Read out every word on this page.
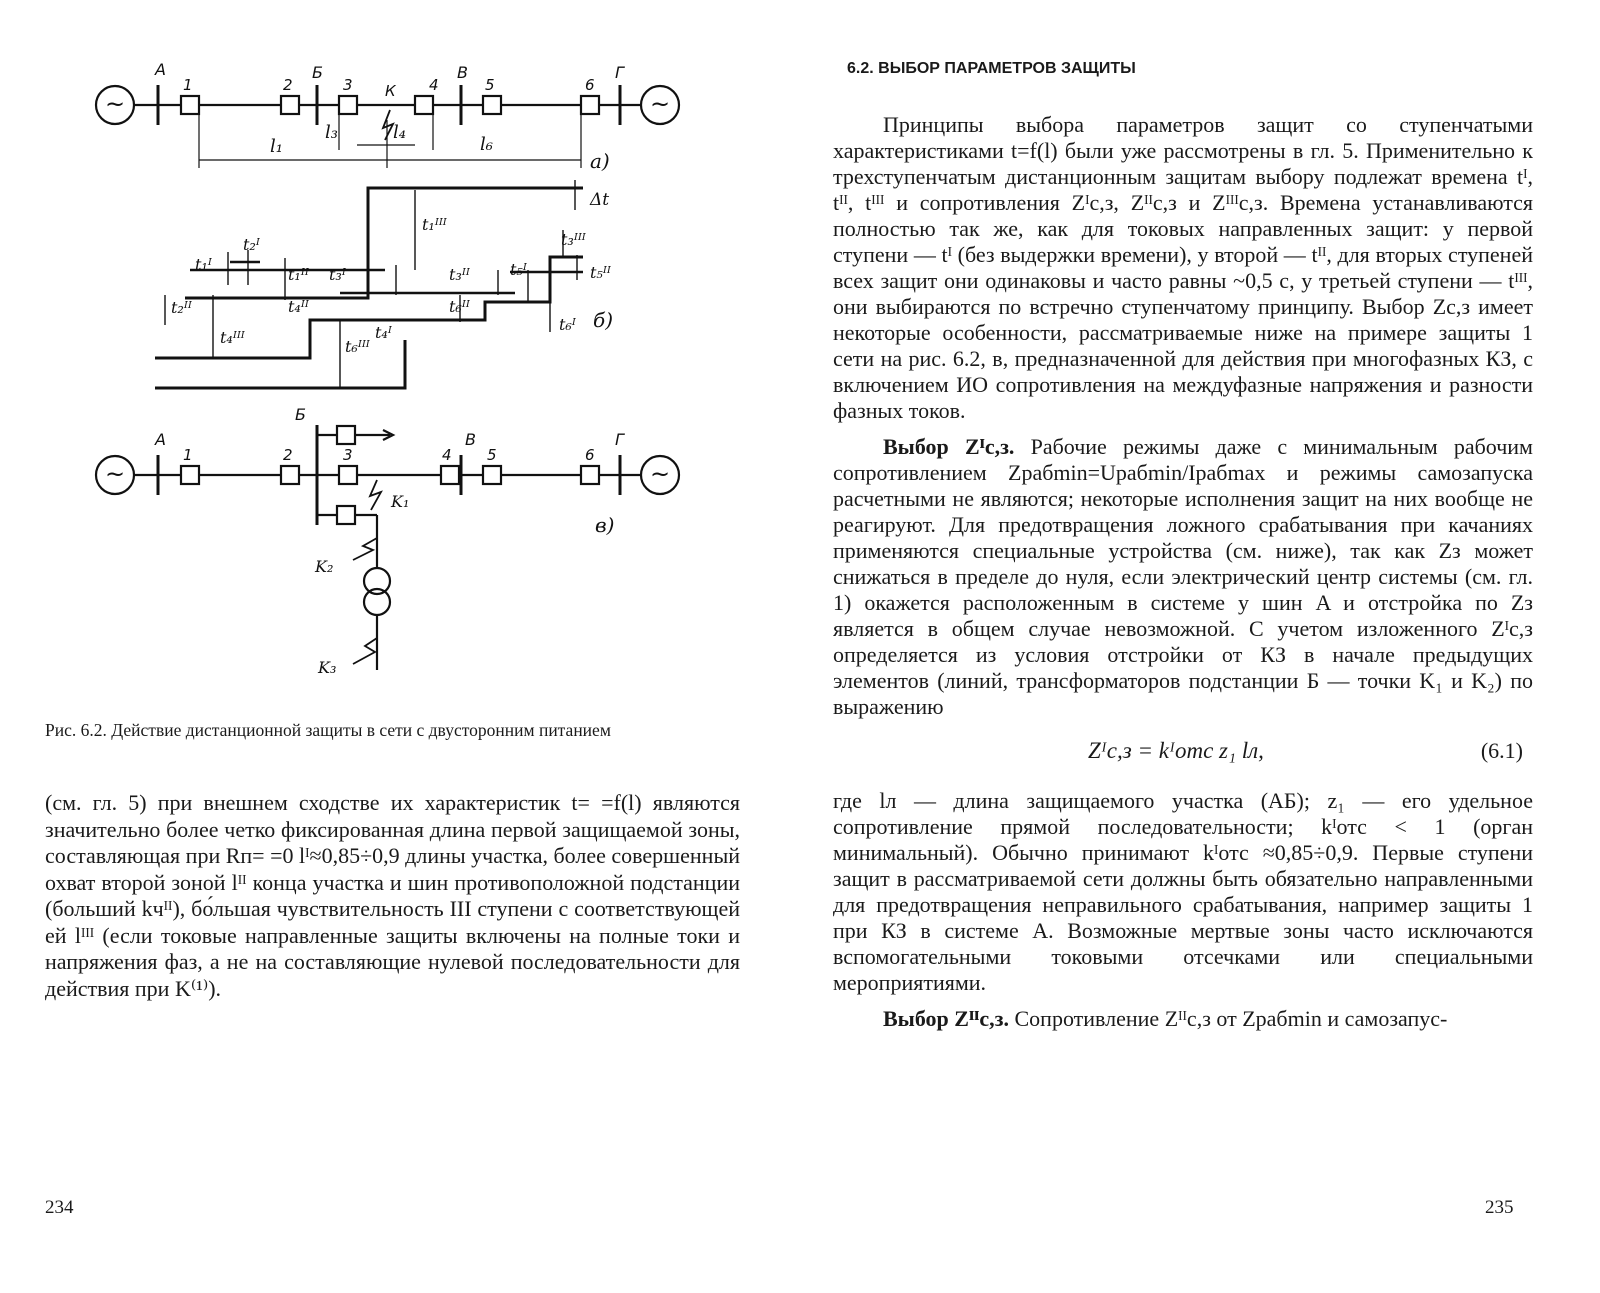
~	~
~	~
А
1	2
Б
3 К 4
В
5	6
Г
l₁
l₃	l₄
l₆
а)
Δt
t₁ᴵᴵᴵ
t₃ᴵᴵᴵ
t₁ᴵ
t₂ᴵ
t₁ᴵᴵ t₃ᴵ	t₃ᴵᴵ	t₅ᴵ	t₅ᴵᴵ
t₂ᴵᴵ	t₄ᴵᴵ	t₆ᴵᴵ
t₄ᴵ	t₆ᴵ
t₄ᴵᴵᴵ	t₆ᴵᴵᴵ
б)
А
1	2
Б
3	4
В
5	6
Г
K₁
K₂
K₃
в)
Рис. 6.2. Действие дистанционной защиты в сети с двусторонним питанием

(см. гл. 5) при внешнем сходстве их характеристик t= =f(l) являются значительно более четко фиксированная длина первой защищаемой зоны, составляющая при Rп= =0 lᴵ≈0,85÷0,9 длины участка, более совершенный охват второй зоной lᴵᴵ конца участка и шин противоположной подстанции (больший kчᴵᴵ), бо́льшая чувствительность III ступени с соответствующей ей lᴵᴵᴵ (если токовые направленные защиты включены на полные токи и напряжения фаз, а не на составляющие нулевой последовательности для действия при K⁽¹⁾).

234
6.2. ВЫБОР ПАРАМЕТРОВ ЗАЩИТЫ

Принципы выбора параметров защит со ступенчатыми характеристиками t=f(l) были уже рассмотрены в гл. 5. Применительно к трехступенчатым дистанционным защитам выбору подлежат времена tᴵ, tᴵᴵ, tᴵᴵᴵ и сопротивления Zᴵс,з, Zᴵᴵс,з и Zᴵᴵᴵс,з. Времена устанавливаются полностью так же, как для токовых направленных защит: у первой ступени — tᴵ (без выдержки времени), у второй — tᴵᴵ, для вторых ступеней всех защит они одинаковы и часто равны ~0,5 с, у третьей ступени — tᴵᴵᴵ, они выбираются по встречно ступенчатому принципу. Выбор Zс,з имеет некоторые особенности, рассматриваемые ниже на примере защиты 1 сети на рис. 6.2, в, предназначенной для действия при многофазных КЗ, с включением ИО сопротивления на междуфазные напряжения и разности фазных токов.

Выбор Zᴵс,з. Рабочие режимы даже с минимальным рабочим сопротивлением Zрабmin=Uрабmin/Iрабmax и режимы самозапуска расчетными не являются; некоторые исполнения защит на них вообще не реагируют. Для предотвращения ложного срабатывания при качаниях применяются специальные устройства (см. ниже), так как Zз может снижаться в пределе до нуля, если электрический центр системы (см. гл. 1) окажется расположенным в системе у шин A и отстройка по Zз является в общем случае невозможной. С учетом изложенного Zᴵс,з определяется из условия отстройки от КЗ в начале предыдущих элементов (линий, трансформаторов подстанции Б — точки K₁ и K₂) по выражению

Zᴵс,з = kᴵотс z₁ lл,	(6.1)

где lл — длина защищаемого участка (АБ); z₁ — его удельное сопротивление прямой последовательности; kᴵотс < 1 (орган минимальный). Обычно принимают kᴵотс ≈0,85÷0,9. Первые ступени защит в рассматриваемой сети должны быть обязательно направленными для предотвращения неправильного срабатывания, например защиты 1 при КЗ в системе A. Возможные мертвые зоны часто исключаются вспомогательными токовыми отсечками или специальными мероприятиями.

Выбор Zᴵᴵс,з. Сопротивление Zᴵᴵс,з от Zрабmin и самозапус-

235
